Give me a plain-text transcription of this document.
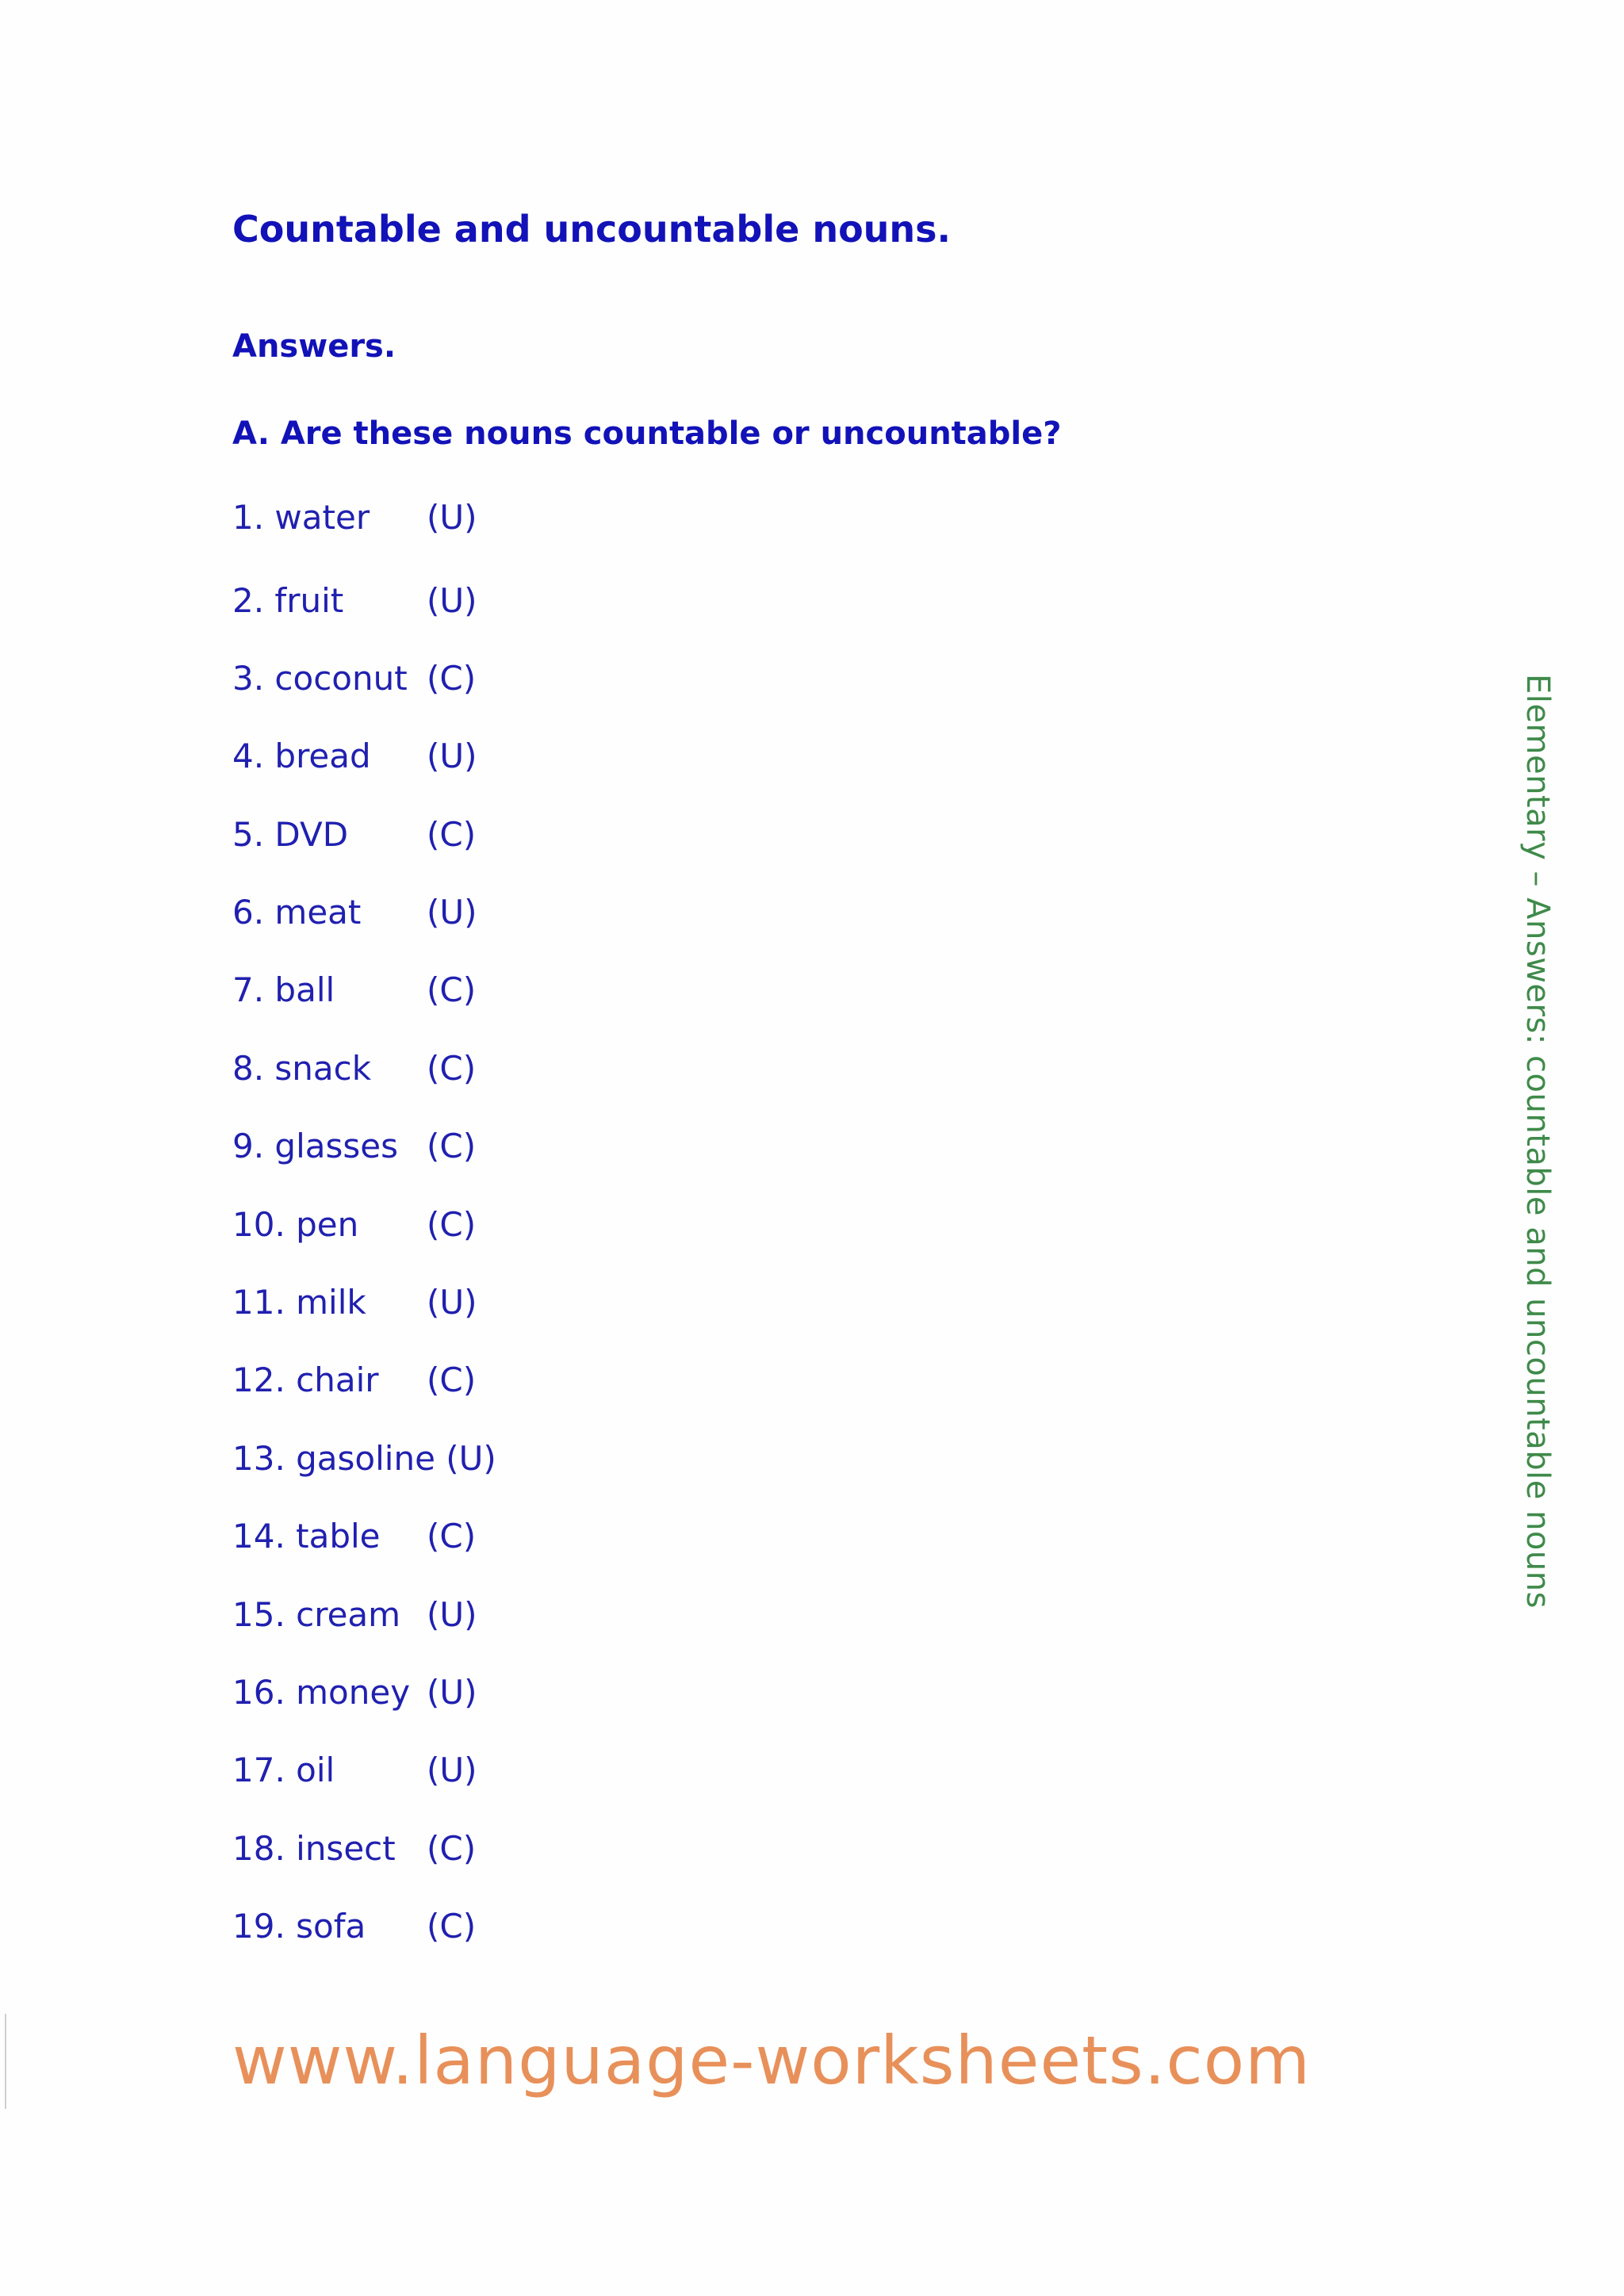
Countable and uncountable nouns.
Answers.
A. Are these nouns countable or uncountable?
1. water (U)
2. fruit (U)
3. coconut (C)
4. bread (U)
5. DVD (C)
6. meat (U)
7. ball	(C)
8. snack (C)
9. glasses (C)
10. pen (C)
11. milk (U)
12. chair (C)
13. gasoline (U)
14. table (C)
15. cream (U)
16. money (U)
17. oil	(U)
18. insect (C)
19. sofa (C)
Elementary – Answers: countable and uncountable nouns
www.language-worksheets.com
